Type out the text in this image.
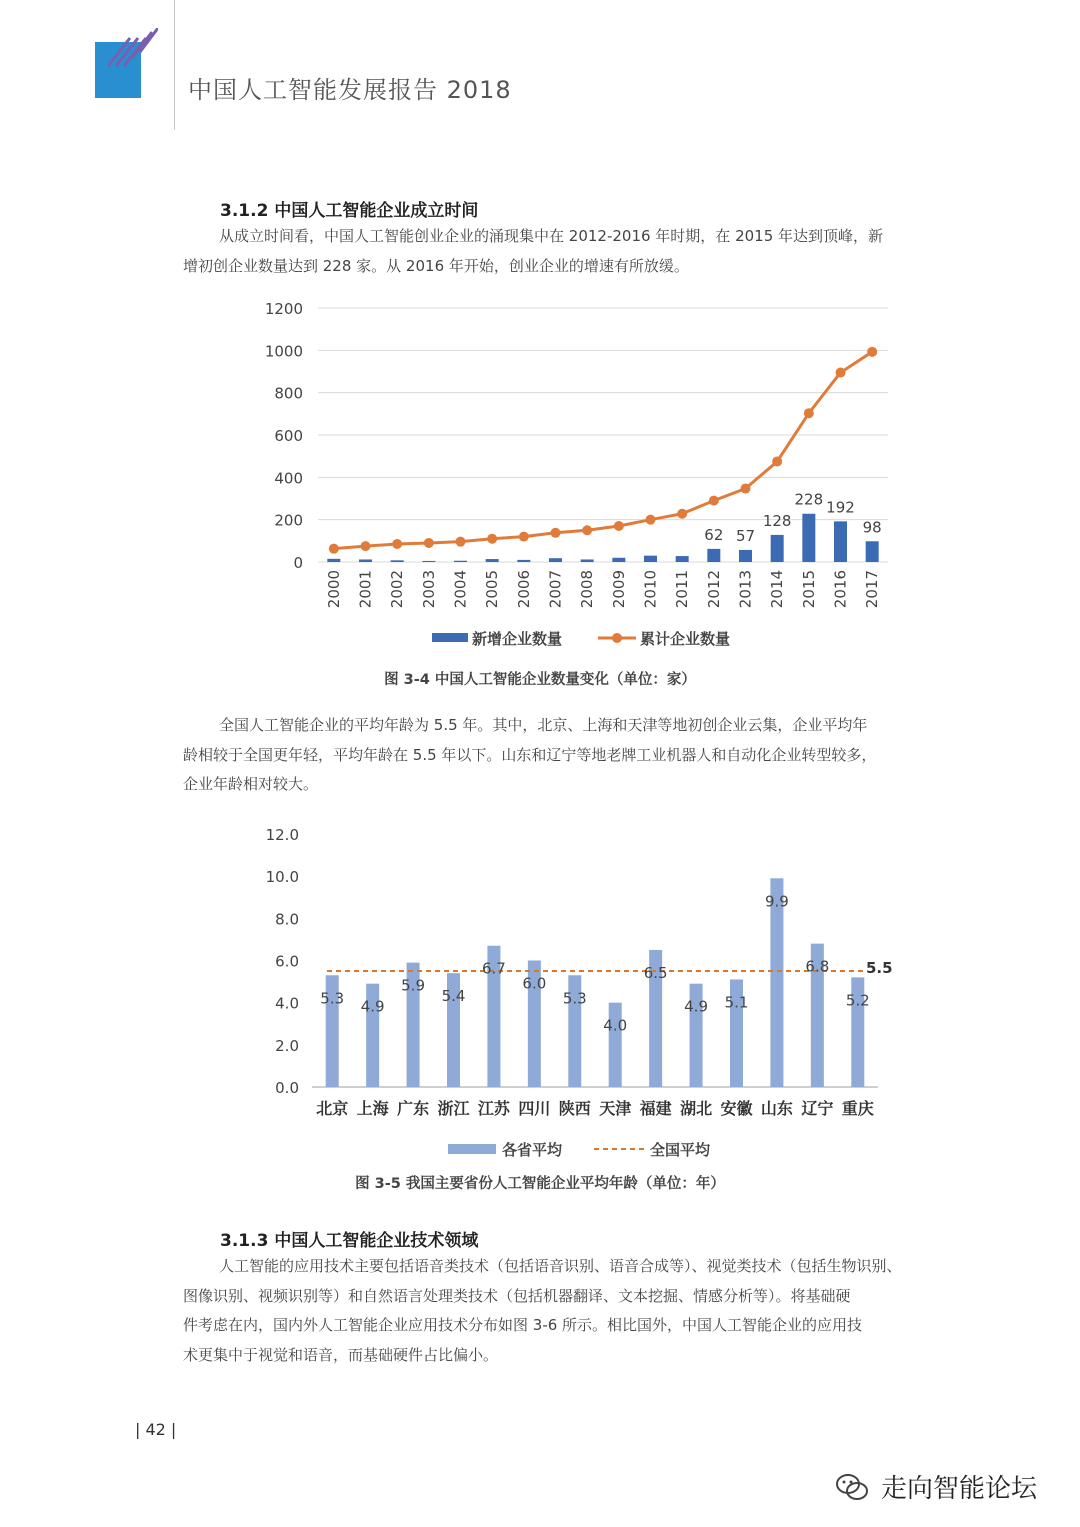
中国人工智能发展报告 2018
3.1.2 中国人工智能企业成立时间
从成立时间看，中国人工智能创业企业的涌现集中在 2012-2016 年时期，在 2015 年达到顶峰，新
增初创企业数量达到 228 家。从 2016 年开始，创业企业的增速有所放缓。
0
200
400
600
800
1000
1200
62 57
128
228 192
98
2000 2001 2002 2003 2004 2005 2006 2007 2008 2009 2010 2011 2012 2013 2014 2015 2016 2017
新增企业数量	累计企业数量
图 3-4 中国人工智能企业数量变化（单位：家）
全国人工智能企业的平均年龄为 5.5 年。其中，北京、上海和天津等地初创企业云集，企业平均年
龄相较于全国更年轻，平均年龄在 5.5 年以下。山东和辽宁等地老牌工业机器人和自动化企业转型较多，
企业年龄相对较大。
0.0
2.0
4.0
6.0
8.0
10.0
12.0
5.3 4.9
5.9
5.4
6.7
6.0
5.3
4.0
6.5
4.9 5.1
9.9
6.8
5.2
5.5
北京 上海 广东 浙江 江苏 四川 陕西 天津 福建 湖北 安徽 山东 辽宁 重庆
各省平均	全国平均
图 3-5 我国主要省份人工智能企业平均年龄（单位：年）
3.1.3 中国人工智能企业技术领域
人工智能的应用技术主要包括语音类技术（包括语音识别、语音合成等）、视觉类技术（包括生物识别、
图像识别、视频识别等）和自然语言处理类技术（包括机器翻译、文本挖掘、情感分析等）。将基础硬
件考虑在内，国内外人工智能企业应用技术分布如图 3-6 所示。相比国外，中国人工智能企业的应用技
术更集中于视觉和语音，而基础硬件占比偏小。
| 42 |
走向智能论坛
